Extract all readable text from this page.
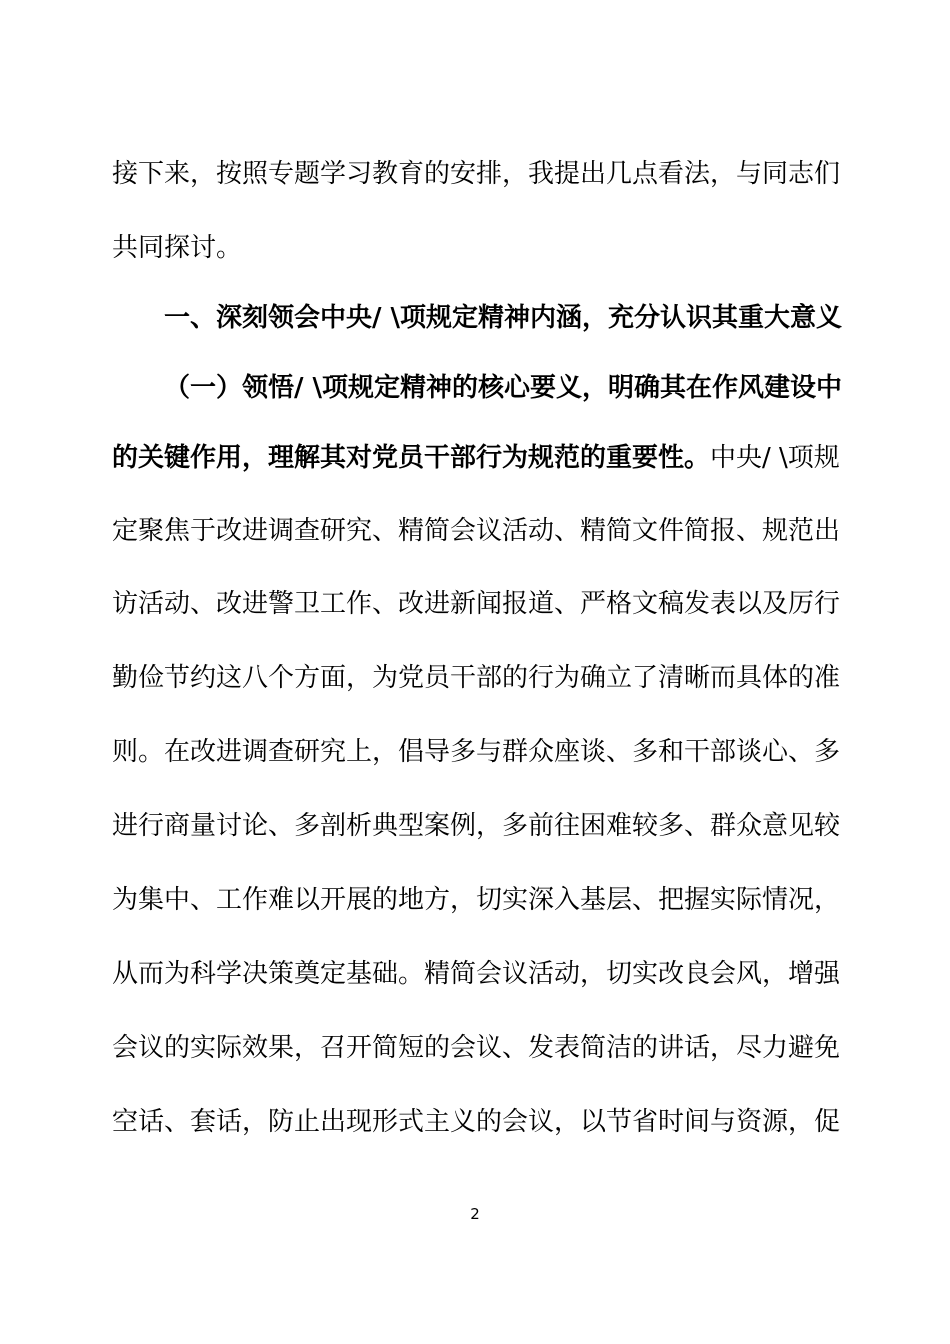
接下来，按照专题学习教育的安排，我提出几点看法，与同志们
共同探讨。
一、深刻领会中央/ \项规定精神内涵，充分认识其重大意义
（一）领悟/ \项规定精神的核心要义，明确其在作风建设中
的关键作用，理解其对党员干部行为规范的重要性。中央/ \项规
定聚焦于改进调查研究、精简会议活动、精简文件简报、规范出
访活动、改进警卫工作、改进新闻报道、严格文稿发表以及厉行
勤俭节约这八个方面，为党员干部的行为确立了清晰而具体的准
则。在改进调查研究上，倡导多与群众座谈、多和干部谈心、多
进行商量讨论、多剖析典型案例，多前往困难较多、群众意见较
为集中、工作难以开展的地方，切实深入基层、把握实际情况，
从而为科学决策奠定基础。精简会议活动，切实改良会风，增强
会议的实际效果，召开简短的会议、发表简洁的讲话，尽力避免
空话、套话，防止出现形式主义的会议，以节省时间与资源，促
2
